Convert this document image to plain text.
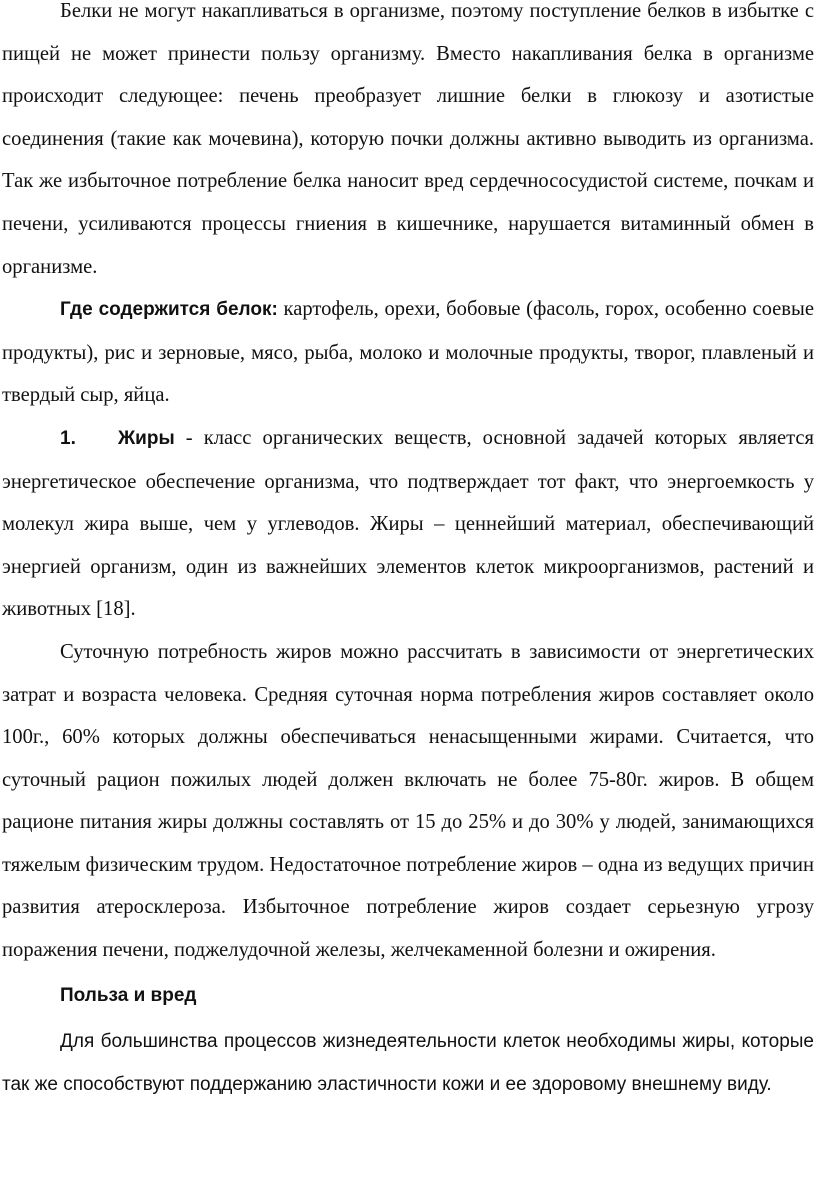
Белки не могут накапливаться в организме, поэтому поступление белков в избытке с пищей не может принести пользу организму. Вместо накапливания белка в организме происходит следующее: печень преобразует лишние белки в глюкозу и азотистые соединения (такие как мочевина), которую почки должны активно выводить из организма. Так же избыточное потребление белка наносит вред сердечнососудистой системе, почкам и печени, усиливаются процессы гниения в кишечнике, нарушается витаминный обмен в организме.

Где содержится белок: картофель, орехи, бобовые (фасоль, горох, особенно соевые продукты), рис и зерновые, мясо, рыба, молоко и молочные продукты, творог, плавленый и твердый сыр, яйца.

1. Жиры - класс органических веществ, основной задачей которых является энергетическое обеспечение организма, что подтверждает тот факт, что энергоемкость у молекул жира выше, чем у углеводов. Жиры – ценнейший материал, обеспечивающий энергией организм, один из важнейших элементов клеток микроорганизмов, растений и животных [18].

Суточную потребность жиров можно рассчитать в зависимости от энергетических затрат и возраста человека. Средняя суточная норма потребления жиров составляет около 100г., 60% которых должны обеспечиваться ненасыщенными жирами. Считается, что суточный рацион пожилых людей должен включать не более 75-80г. жиров. В общем рационе питания жиры должны составлять от 15 до 25% и до 30% у людей, занимающихся тяжелым физическим трудом. Недостаточное потребление жиров – одна из ведущих причин развития атеросклероза. Избыточное потребление жиров создает серьезную угрозу поражения печени, поджелудочной железы, желчекаменной болезни и ожирения.

Польза и вред

Для большинства процессов жизнедеятельности клеток необходимы жиры, которые так же способствуют поддержанию эластичности кожи и ее здоровому внешнему виду.
